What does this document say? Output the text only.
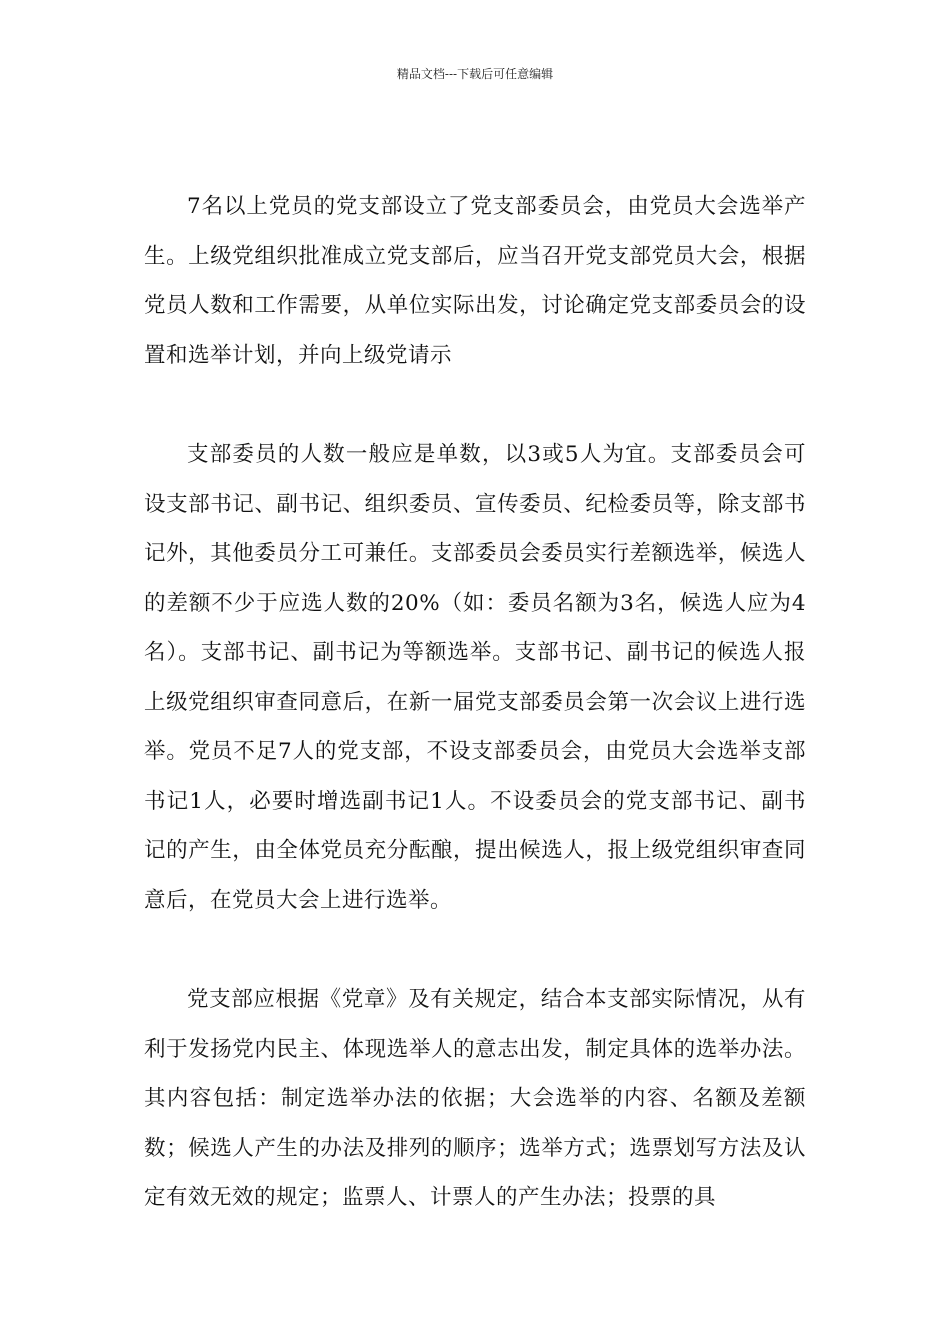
精品文档---下载后可任意编辑

7名以上党员的党支部设立了党支部委员会，由党员大会选举产生。上级党组织批准成立党支部后，应当召开党支部党员大会，根据党员人数和工作需要，从单位实际出发，讨论确定党支部委员会的设置和选举计划，并向上级党请示

支部委员的人数一般应是单数，以3或5人为宜。支部委员会可设支部书记、副书记、组织委员、宣传委员、纪检委员等，除支部书记外，其他委员分工可兼任。支部委员会委员实行差额选举，候选人的差额不少于应选人数的20%（如：委员名额为3名，候选人应为4名）。支部书记、副书记为等额选举。支部书记、副书记的候选人报上级党组织审查同意后，在新一届党支部委员会第一次会议上进行选举。党员不足7人的党支部，不设支部委员会，由党员大会选举支部书记1人，必要时增选副书记1人。不设委员会的党支部书记、副书记的产生，由全体党员充分酝酿，提出候选人，报上级党组织审查同意后，在党员大会上进行选举。

党支部应根据《党章》及有关规定，结合本支部实际情况，从有利于发扬党内民主、体现选举人的意志出发，制定具体的选举办法。其内容包括：制定选举办法的依据；大会选举的内容、名额及差额数；候选人产生的办法及排列的顺序；选举方式；选票划写方法及认定有效无效的规定；监票人、计票人的产生办法；投票的具
